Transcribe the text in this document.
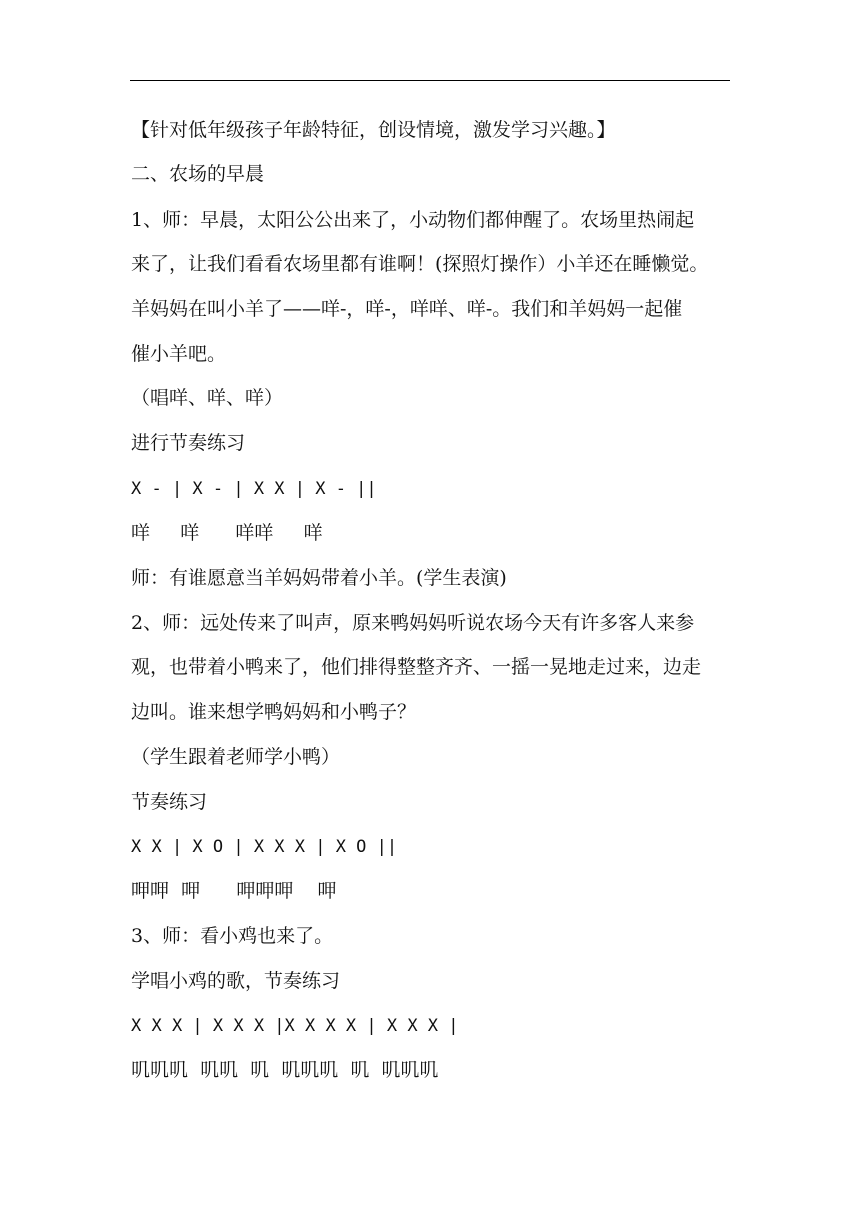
【针对低年级孩子年龄特征，创设情境，激发学习兴趣。】

二、农场的早晨

1、师：早晨，太阳公公出来了，小动物们都伸醒了。农场里热闹起

来了，让我们看看农场里都有谁啊！(探照灯操作）小羊还在睡懒觉。

羊妈妈在叫小羊了——咩-，咩-，咩咩、咩-。我们和羊妈妈一起催

催小羊吧。

（唱咩、咩、咩）

进行节奏练习

X - | X - | X X | X - ||

咩     咩      咩咩     咩

师：有谁愿意当羊妈妈带着小羊。(学生表演)

2、师：远处传来了叫声，原来鸭妈妈听说农场今天有许多客人来参

观，也带着小鸭来了，他们排得整整齐齐、一摇一晃地走过来，边走

边叫。谁来想学鸭妈妈和小鸭子？

（学生跟着老师学小鸭）

节奏练习

X X | X O | X X X | X O ||

呷呷  呷      呷呷呷    呷

3、师：看小鸡也来了。

学唱小鸡的歌，节奏练习

X X X | X X X |X X X X | X X X |

叽叽叽  叽叽  叽  叽叽叽  叽  叽叽叽
